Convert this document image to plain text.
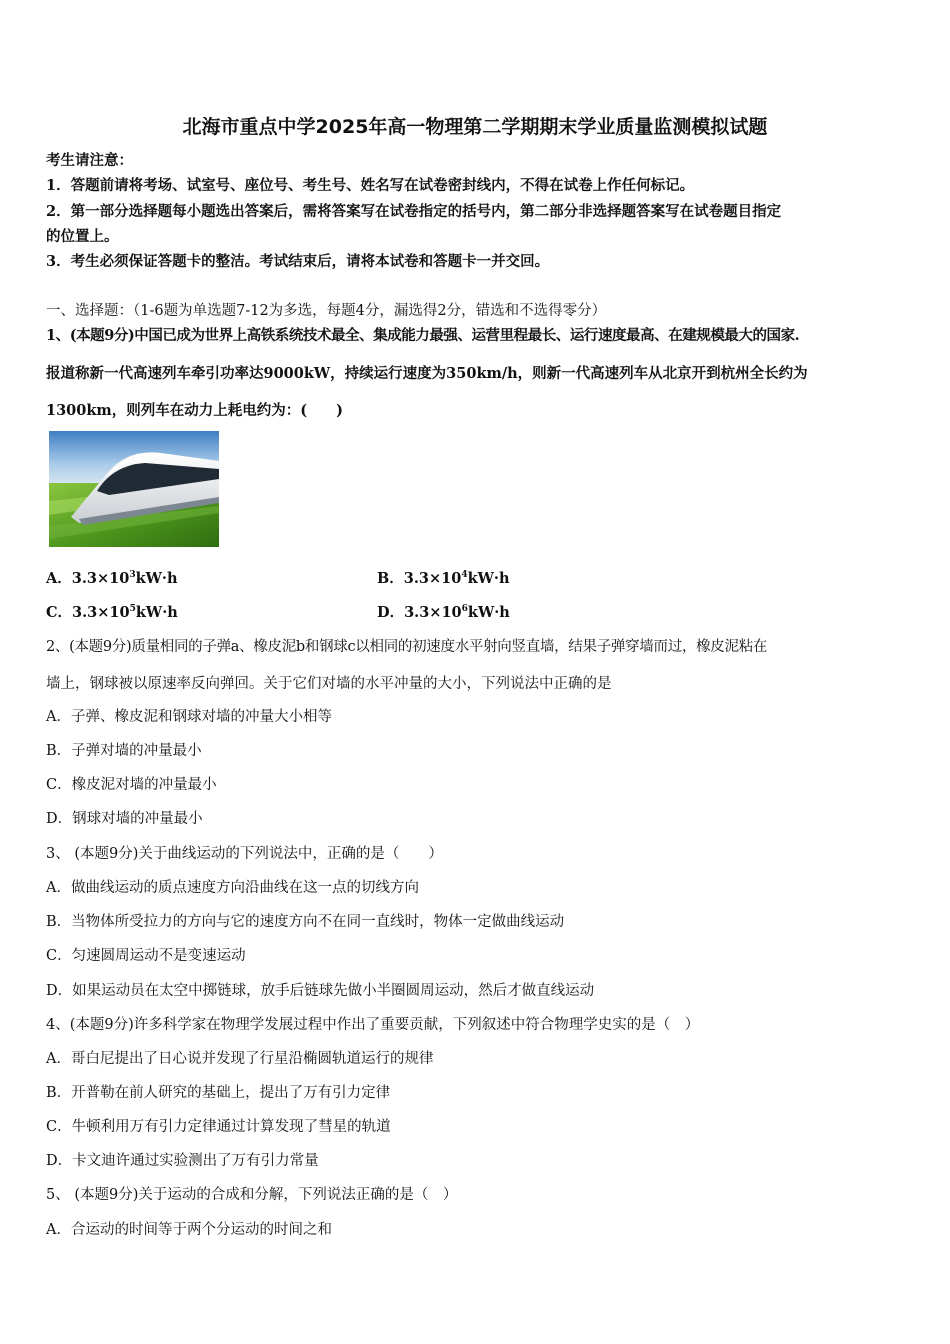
北海市重点中学2025年高一物理第二学期期末学业质量监测模拟试题
考生请注意：
1．答题前请将考场、试室号、座位号、考生号、姓名写在试卷密封线内，不得在试卷上作任何标记。
2．第一部分选择题每小题选出答案后，需将答案写在试卷指定的括号内，第二部分非选择题答案写在试卷题目指定
的位置上。
3．考生必须保证答题卡的整洁。考试结束后，请将本试卷和答题卡一并交回。
一、选择题：（1-6题为单选题7-12为多选，每题4分，漏选得2分，错选和不选得零分）
1、(本题9分)中国已成为世界上高铁系统技术最全、集成能力最强、运营里程最长、运行速度最高、在建规模最大的国家.
报道称新一代高速列车牵引功率达9000kW，持续运行速度为350km/h，则新一代高速列车从北京开到杭州全长约为
1300km，则列车在动力上耗电约为：(　　)
A．$3.3\times 10^3kW\cdot h$	B．$3.3\times 10^4kW\cdot h$
C．$3.3\times 10^5kW\cdot h$	D．$3.3\times 10^6kW\cdot h$
2、(本题9分)质量相同的子弹a、橡皮泥b和钢球c以相同的初速度水平射向竖直墙，结果子弹穿墙而过，橡皮泥粘在
墙上，钢球被以原速率反向弹回。关于它们对墙的水平冲量的大小，下列说法中正确的是
A．子弹、橡皮泥和钢球对墙的冲量大小相等
B．子弹对墙的冲量最小
C．橡皮泥对墙的冲量最小
D．钢球对墙的冲量最小
3、 (本题9分)关于曲线运动的下列说法中，正确的是（　　）
A．做曲线运动的质点速度方向沿曲线在这一点的切线方向
B．当物体所受拉力的方向与它的速度方向不在同一直线时，物体一定做曲线运动
C．匀速圆周运动不是变速运动
D．如果运动员在太空中掷链球，放手后链球先做小半圈圆周运动，然后才做直线运动
4、(本题9分)许多科学家在物理学发展过程中作出了重要贡献，下列叙述中符合物理学史实的是（　）
A．哥白尼提出了日心说并发现了行星沿椭圆轨道运行的规律
B．开普勒在前人研究的基础上，提出了万有引力定律
C．牛顿利用万有引力定律通过计算发现了彗星的轨道
D．卡文迪许通过实验测出了万有引力常量
5、 (本题9分)关于运动的合成和分解，下列说法正确的是（　）
A．合运动的时间等于两个分运动的时间之和
